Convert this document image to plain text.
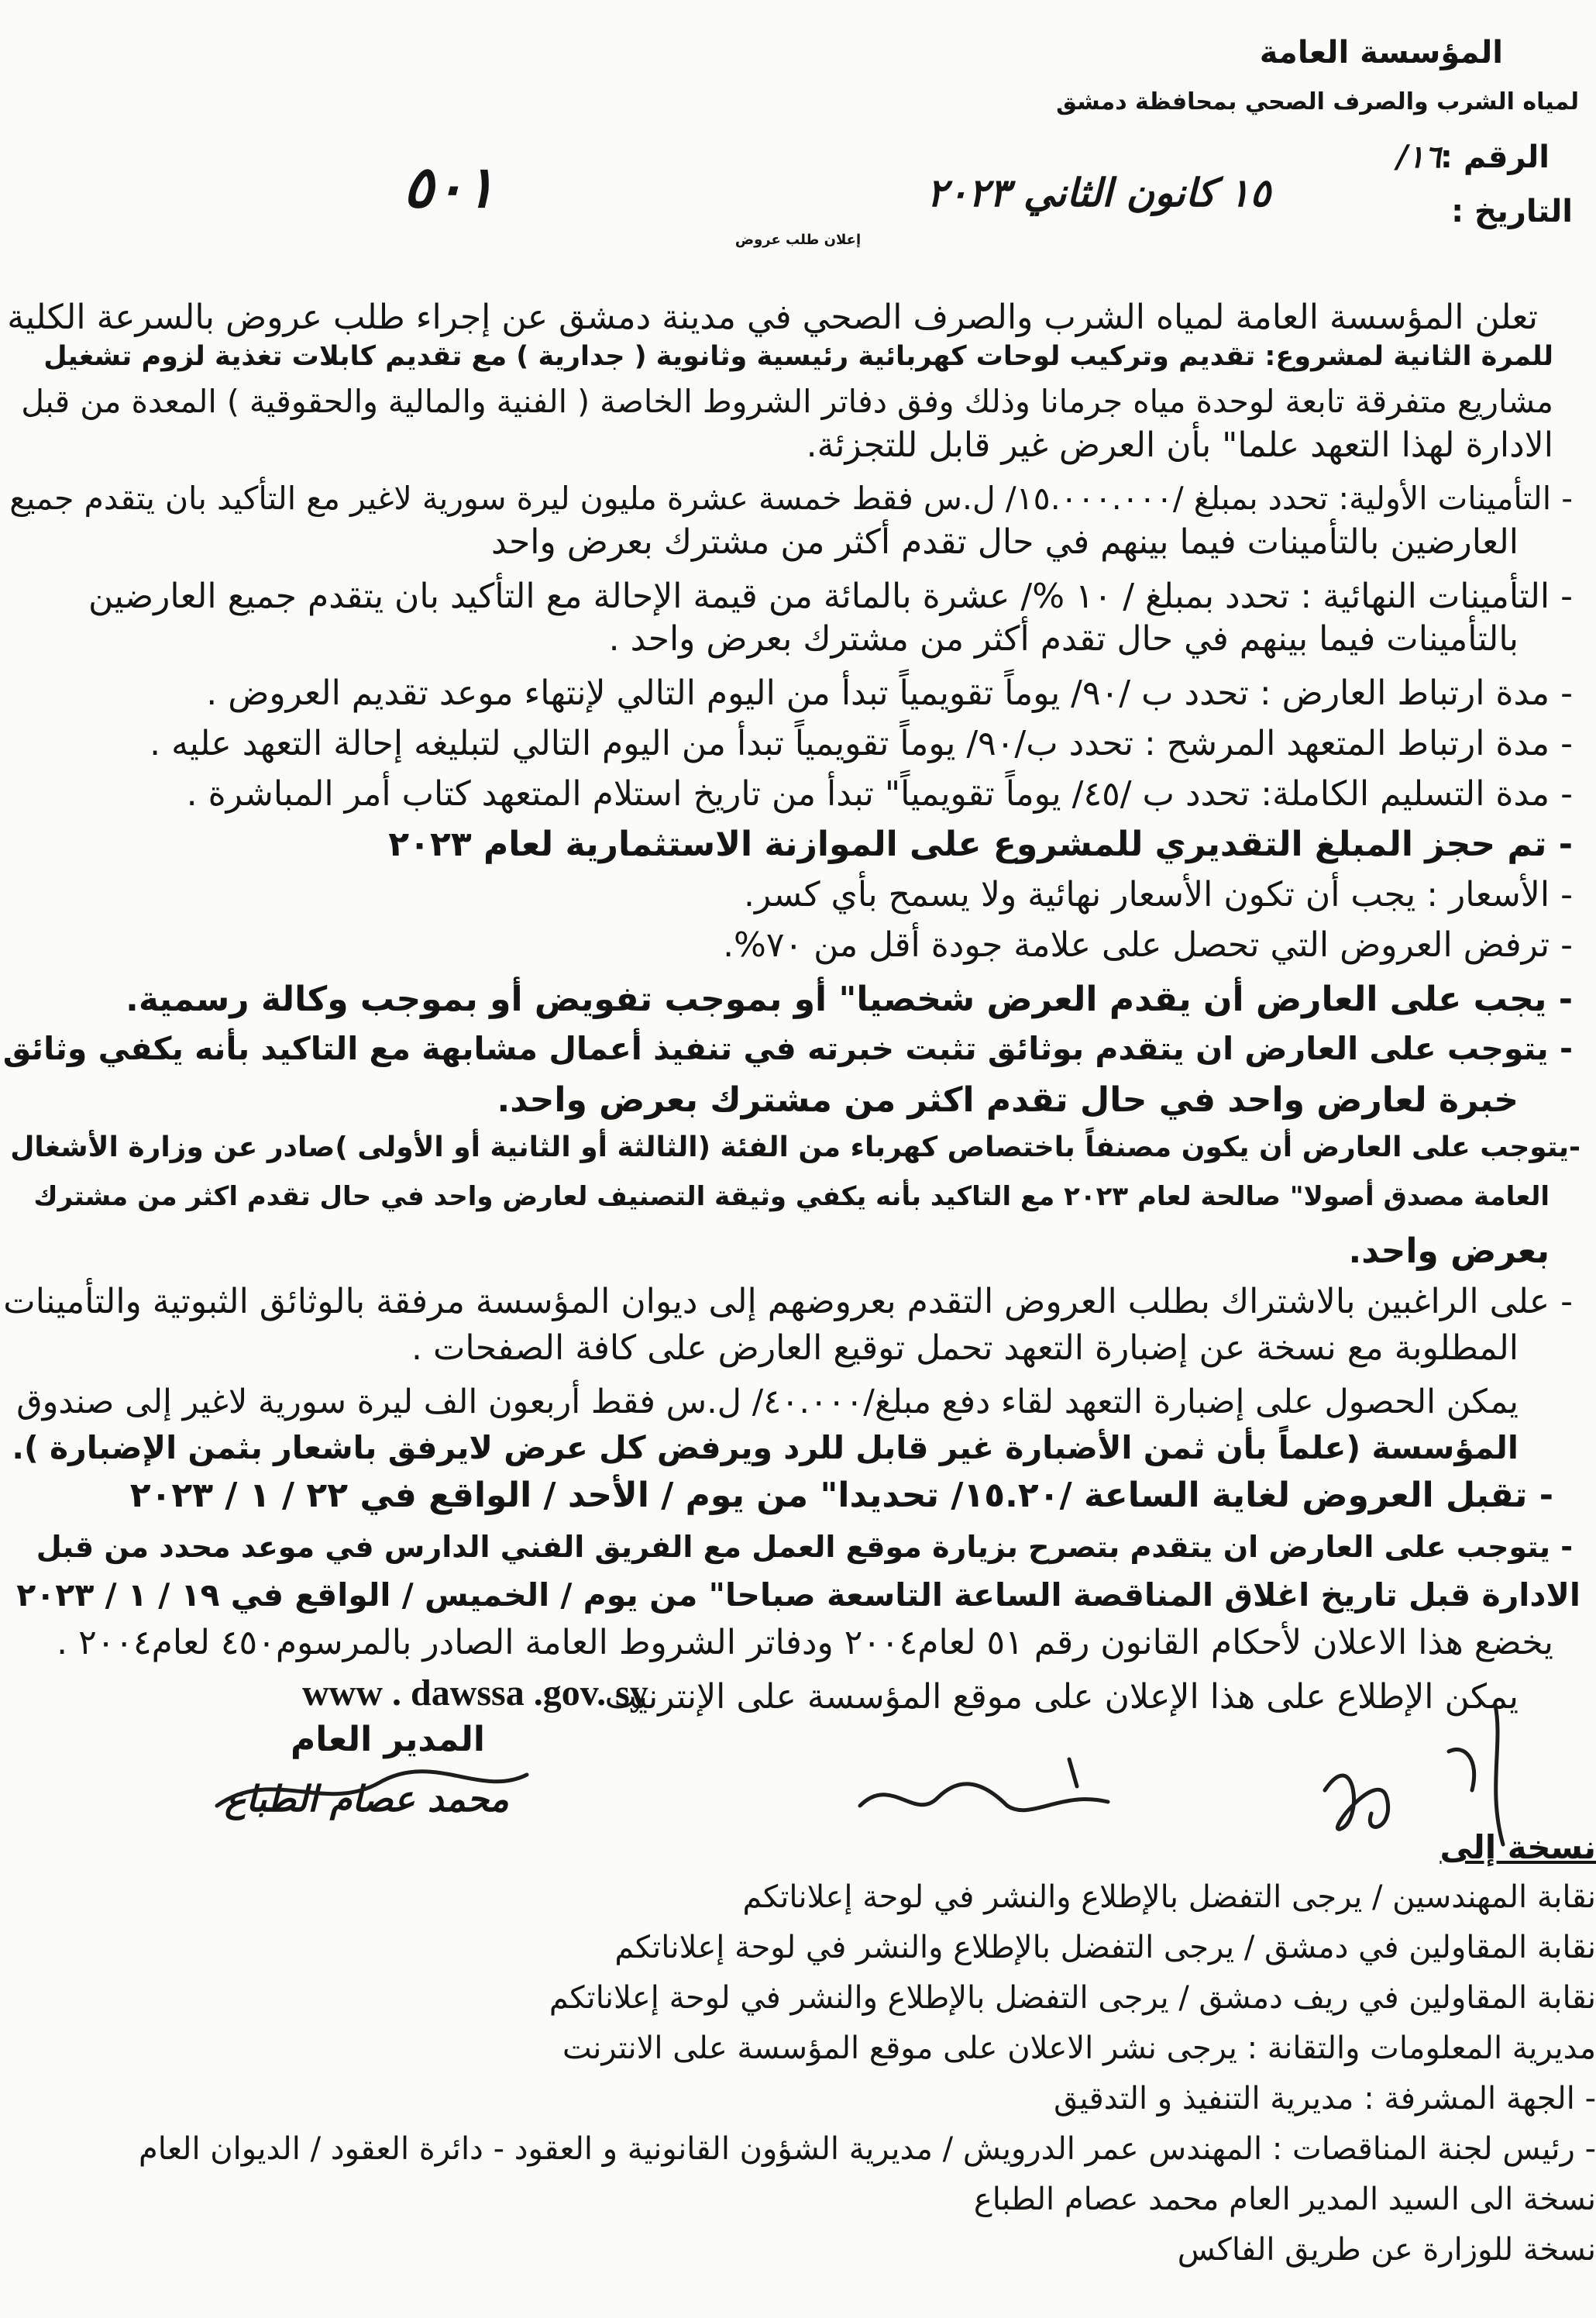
المؤسسة العامة
لمياه الشرب والصرف الصحي بمحافظة دمشق
الرقم :
١٦/
التاريخ :
١٥ كانون الثاني ٢٠٢٣
٥٠١
إعلان طلب عروض
تعلن المؤسسة العامة لمياه الشرب والصرف الصحي في مدينة دمشق عن إجراء طلب عروض بالسرعة الكلية
للمرة الثانية لمشروع: تقديم وتركيب لوحات كهربائية رئيسية وثانوية ( جدارية ) مع تقديم كابلات تغذية لزوم تشغيل
مشاريع متفرقة تابعة لوحدة مياه جرمانا وذلك وفق دفاتر الشروط الخاصة ( الفنية والمالية والحقوقية ) المعدة من قبل
الادارة لهذا التعهد علما" بأن العرض غير قابل للتجزئة.
- التأمينات الأولية: تحدد بمبلغ /١٥.٠٠٠.٠٠٠/ ل.س فقط خمسة عشرة مليون ليرة سورية لاغير مع التأكيد بان يتقدم جميع
العارضين بالتأمينات فيما بينهم في حال تقدم أكثر من مشترك بعرض واحد
- التأمينات النهائية : تحدد بمبلغ / ١٠ %/ عشرة بالمائة من قيمة الإحالة مع التأكيد بان يتقدم جميع العارضين
بالتأمينات فيما بينهم في حال تقدم أكثر من مشترك بعرض واحد .
- مدة ارتباط العارض : تحدد ب /٩٠/ يوماً تقويمياً تبدأ من اليوم التالي لإنتهاء موعد تقديم العروض .
- مدة ارتباط المتعهد المرشح : تحدد ب/٩٠/ يوماً تقويمياً تبدأ من اليوم التالي لتبليغه إحالة التعهد عليه .
- مدة التسليم الكاملة: تحدد ب /٤٥/ يوماً تقويمياً" تبدأ من تاريخ استلام المتعهد كتاب أمر المباشرة .
- تم حجز المبلغ التقديري للمشروع على الموازنة الاستثمارية لعام ٢٠٢٣
- الأسعار : يجب أن تكون الأسعار نهائية ولا يسمح بأي كسر.
- ترفض العروض التي تحصل على علامة جودة أقل من ٧٠%.
- يجب على العارض أن يقدم العرض شخصيا" أو بموجب تفويض أو بموجب وكالة رسمية.
- يتوجب على العارض ان يتقدم بوثائق تثبت خبرته في تنفيذ أعمال مشابهة مع التاكيد بأنه يكفي وثائق
خبرة لعارض واحد في حال تقدم اكثر من مشترك بعرض واحد.
-يتوجب على العارض أن يكون مصنفاً باختصاص كهرباء من الفئة (الثالثة أو الثانية أو الأولى )صادر عن وزارة الأشغال
العامة مصدق أصولا" صالحة لعام ٢٠٢٣ مع التاكيد بأنه يكفي وثيقة التصنيف لعارض واحد في حال تقدم اكثر من مشترك
بعرض واحد.
- على الراغبين بالاشتراك بطلب العروض التقدم بعروضهم إلى ديوان المؤسسة مرفقة بالوثائق الثبوتية والتأمينات
المطلوبة مع نسخة عن إضبارة التعهد تحمل توقيع العارض على كافة الصفحات .
يمكن الحصول على إضبارة التعهد لقاء دفع مبلغ/٤٠.٠٠٠/ ل.س فقط أربعون الف ليرة سورية لاغير إلى صندوق
المؤسسة (علماً بأن ثمن الأضبارة غير قابل للرد ويرفض كل عرض لايرفق باشعار بثمن الإضبارة ).
- تقبل العروض لغاية الساعة /١٥.٢٠/ تحديدا" من يوم / الأحد / الواقع في ٢٢ / ١ / ٢٠٢٣
- يتوجب على العارض ان يتقدم بتصرح بزيارة موقع العمل مع الفريق الفني الدارس في موعد محدد من قبل
الادارة قبل تاريخ اغلاق المناقصة الساعة التاسعة صباحا" من يوم / الخميس / الواقع في ١٩ / ١ / ٢٠٢٣
يخضع هذا الاعلان لأحكام القانون رقم ٥١ لعام٢٠٠٤ ودفاتر الشروط العامة الصادر بالمرسوم٤٥٠ لعام٢٠٠٤ .
يمكن الإطلاع على هذا الإعلان على موقع المؤسسة على الإنترنيت
www . dawssa .gov. sy
المدير العام
محمد عصام الطباع
نسخة إلى
نقابة المهندسين / يرجى التفضل بالإطلاع والنشر في لوحة إعلاناتكم
نقابة المقاولين في دمشق / يرجى التفضل بالإطلاع والنشر في لوحة إعلاناتكم
نقابة المقاولين في ريف دمشق / يرجى التفضل بالإطلاع والنشر في لوحة إعلاناتكم
مديرية المعلومات والتقانة : يرجى نشر الاعلان على موقع المؤسسة على الانترنت
- الجهة المشرفة : مديرية التنفيذ و التدقيق
- رئيس لجنة المناقصات : المهندس عمر الدرويش / مديرية الشؤون القانونية و العقود - دائرة العقود / الديوان العام
نسخة الى السيد المدير العام محمد عصام الطباع
نسخة للوزارة عن طريق الفاكس
